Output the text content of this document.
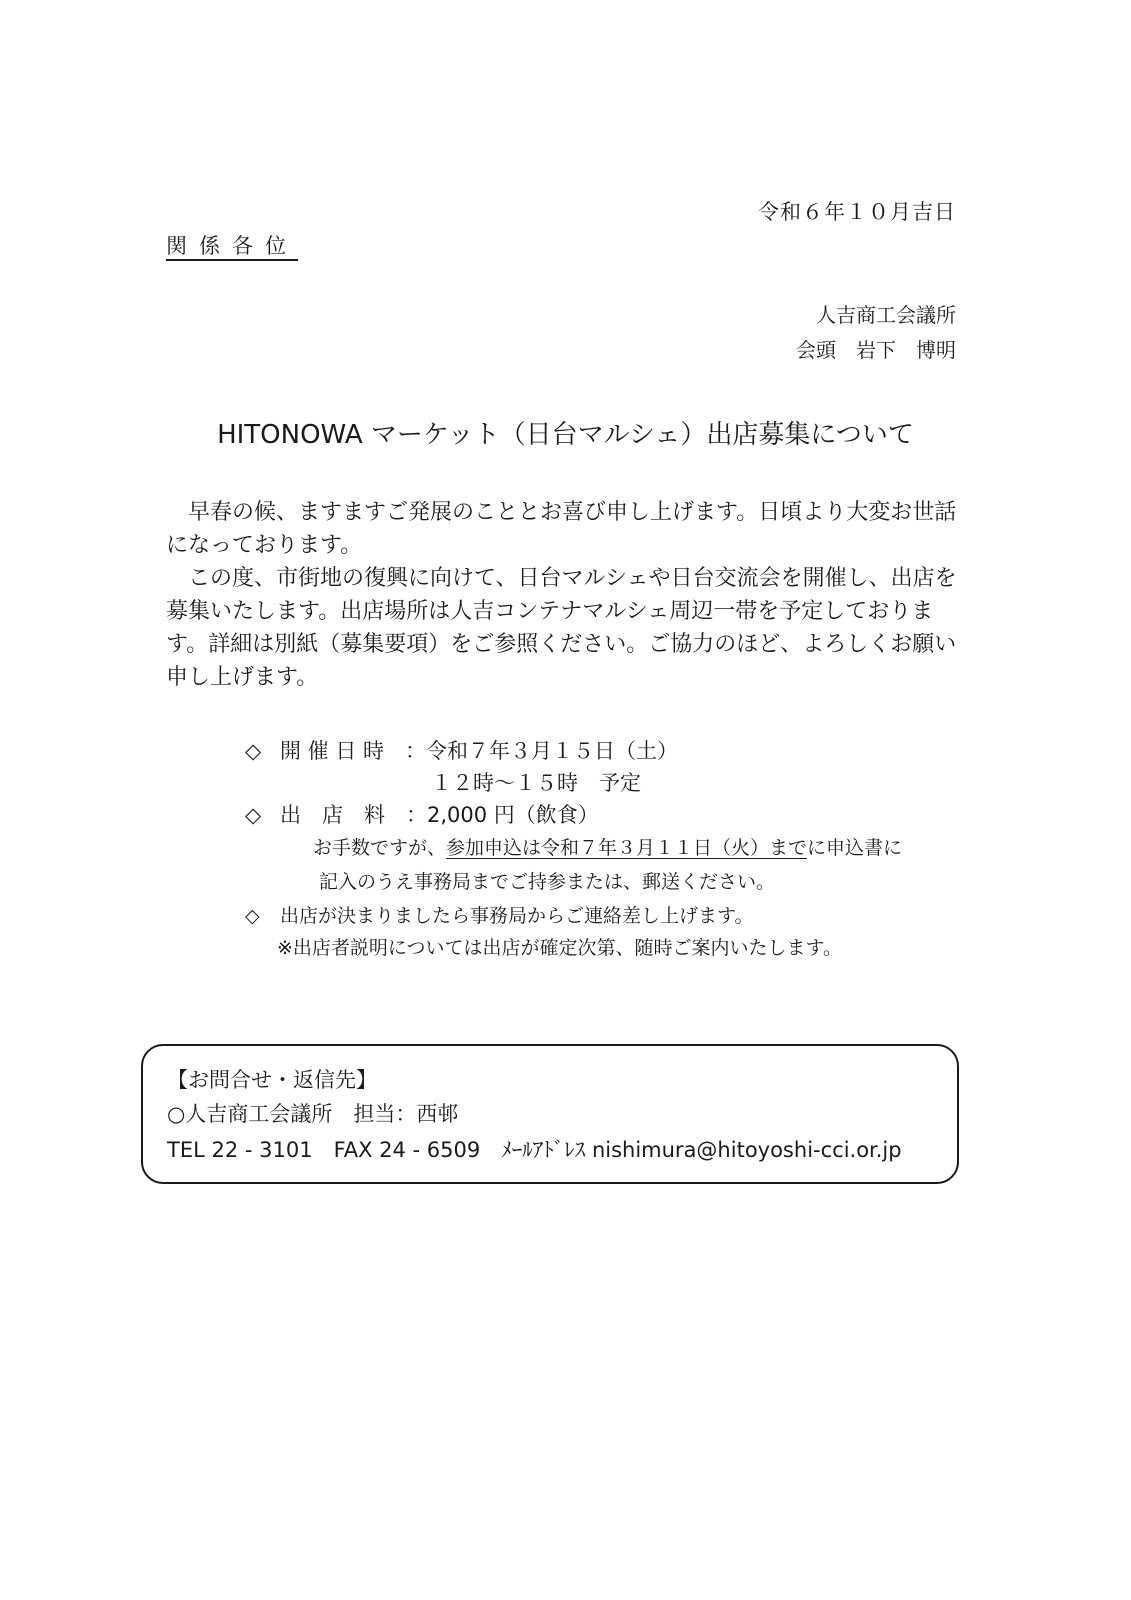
令和６年１０月吉日
関係各位
人吉商工会議所
会頭　岩下　博明
HITONOWA マーケット（日台マルシェ）出店募集について

　早春の候、ますますご発展のこととお喜び申し上げます。日頃より大変お世話になっております。

　この度、市街地の復興に向けて、日台マルシェや日台交流会を開催し、出店を募集いたします。出店場所は人吉コンテナマルシェ周辺一帯を予定しております。詳細は別紙（募集要項）をご参照ください。ご協力のほど、よろしくお願い申し上げます。

◇ 開 催 日 時　 ：令和７年３月１５日（土）
１２時～１５時　予定
◇ 出　店　料　 ：2,000 円（飲食）
お手数ですが、参加申込は令和７年３月１１日（火）までに申込書に
記入のうえ事務局までご持参または、郵送ください。
◇ 出店が決まりましたら事務局からご連絡差し上げます。
※出店者説明については出店が確定次第、随時ご案内いたします。
【お問合せ・返信先】
○人吉商工会議所　担当：西邨
TEL 22 - 3101　 FAX 24 - 6509　 ﾒｰﾙｱﾄﾞﾚｽ nishimura@hitoyoshi-cci.or.jp
